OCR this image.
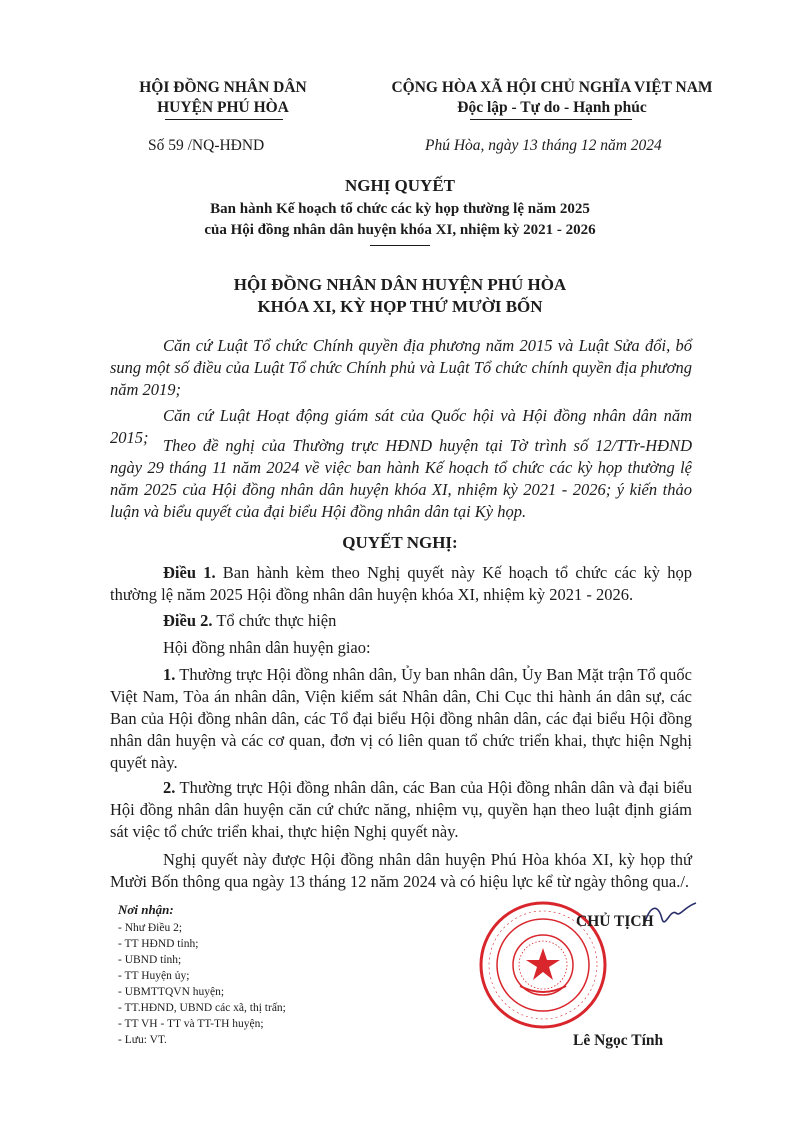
HỘI ĐỒNG NHÂN DÂN
HUYỆN PHÚ HÒA
CỘNG HÒA XÃ HỘI CHỦ NGHĨA VIỆT NAM
Độc lập - Tự do - Hạnh phúc
Số 59 /NQ-HĐND	Phú Hòa, ngày 13 tháng 12 năm 2024
NGHỊ QUYẾT
Ban hành Kế hoạch tổ chức các kỳ họp thường lệ năm 2025
của Hội đồng nhân dân huyện khóa XI, nhiệm kỳ 2021 - 2026
HỘI ĐỒNG NHÂN DÂN HUYỆN PHÚ HÒA
KHÓA XI, KỲ HỌP THỨ MƯỜI BỐN
Căn cứ Luật Tổ chức Chính quyền địa phương năm 2015 và Luật Sửa đổi, bổ sung một số điều của Luật Tổ chức Chính phủ và Luật Tổ chức chính quyền địa phương năm 2019;
Căn cứ Luật Hoạt động giám sát của Quốc hội và Hội đồng nhân dân năm 2015; Theo đề nghị của Thường trực HĐND huyện tại Tờ trình số 12/TTr-HĐND ngày 29 tháng 11 năm 2024 về việc ban hành Kế hoạch tổ chức các kỳ họp thường lệ năm 2025 của Hội đồng nhân dân huyện khóa XI, nhiệm kỳ 2021 - 2026; ý kiến thảo luận và biểu quyết của đại biểu Hội đồng nhân dân tại Kỳ họp.
QUYẾT NGHỊ:
Điều 1. Ban hành kèm theo Nghị quyết này Kế hoạch tổ chức các kỳ họp thường lệ năm 2025 Hội đồng nhân dân huyện khóa XI, nhiệm kỳ 2021 - 2026.
Điều 2. Tổ chức thực hiện
Hội đồng nhân dân huyện giao:
1. Thường trực Hội đồng nhân dân, Ủy ban nhân dân, Ủy Ban Mặt trận Tổ quốc Việt Nam, Tòa án nhân dân, Viện kiểm sát Nhân dân, Chi Cục thi hành án dân sự, các Ban của Hội đồng nhân dân, các Tổ đại biểu Hội đồng nhân dân, các đại biểu Hội đồng nhân dân huyện và các cơ quan, đơn vị có liên quan tổ chức triển khai, thực hiện Nghị quyết này.
2. Thường trực Hội đồng nhân dân, các Ban của Hội đồng nhân dân và đại biểu Hội đồng nhân dân huyện căn cứ chức năng, nhiệm vụ, quyền hạn theo luật định giám sát việc tổ chức triển khai, thực hiện Nghị quyết này.
Nghị quyết này được Hội đồng nhân dân huyện Phú Hòa khóa XI, kỳ họp thứ Mười Bốn thông qua ngày 13 tháng 12 năm 2024 và có hiệu lực kể từ ngày thông qua./.
Nơi nhận:
- Như Điều 2;
- TT HĐND tỉnh;
- UBND tỉnh;
- TT Huyện ủy;
- UBMTTQVN huyện;
- TT.HĐND, UBND các xã, thị trấn;
- TT VH - TT và TT-TH huyện;
- Lưu: VT.
CHỦ TỊCH
Lê Ngọc Tính
